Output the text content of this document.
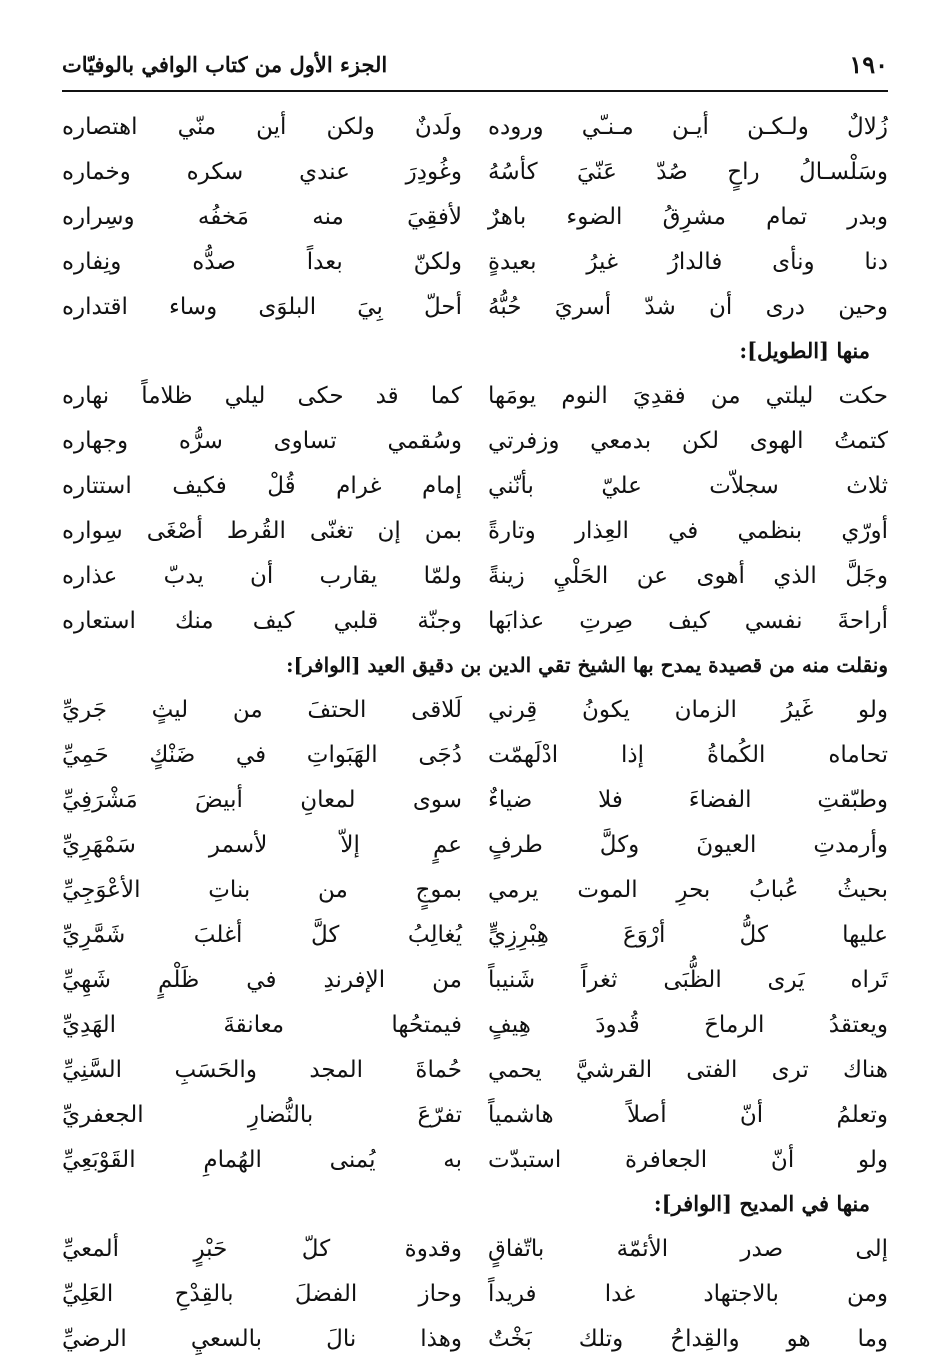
١٩٠
الجزء الأول من كتاب الوافي بالوفيّات
زُلالٌ ولـكـن أيـن مـنـّي وروده
ولَدنٌ ولكن أين منّي اهتصاره
وسَلْسـالُ راحٍ صُدّ عَنّيَ كأسُهُ
وغُودِرَ عندي سكره وخماره
وبدر تمام مشرِقُ الضوء باهرٌ
لأفقِيَ منه مَخفُه وسِراره
دنا ونأى فالدارُ غيرُ بعيدةٍ
ولكنّ بعداً صدُّه ونِفاره
وحين درى أن شدّ أسريَ حُبُّهُ
أحلّ بِيَ البلوَى وساء اقتداره
منها [الطويل]:
حكت ليلتي من فقدِيَ النوم يومَها
كما قد حكى ليلي ظلاماً نهاره
كتمتُ الهوى لكن بدمعي وزفرتي
وسُقمي تساوى سرُّه وجهاره
ثلاث سجلاّت عليّ بأنّني
إمام غرام قُلْ فكيف استتاره
أورّي بنظمي في العِذار وتارةً
بمن إن تغنّى القُرط أصْغَى سِواره
وجَلَّ الذي أهوى عن الحَلْيِ زينةً
ولمّا يقارب أن يدبّ عذاره
أراحةَ نفسي كيف صِرتِ عذابَها
وجنّة قلبي كيف منك استعاره
ونقلت منه من قصيدة يمدح بها الشيخ تقي الدين بن دقيق العيد [الوافر]:
ولو غَيرُ الزمان يكونُ قِرني
لَلاقى الحتفَ من ليثٍ جَريِّ
تحاماه الكُماةُ إذا ادْلَهمّت
دُجَى الهَبَواتِ في ضَنْكٍ حَمِيِّ
وطبّقتِ الفضاءَ فلا ضياءٌ
سوى لمعانِ أبيضَ مَشْرَفِيِّ
وأرمدتِ العيونَ وكلَّ طرفٍ
عمٍ إلاّ لأسمر سَمْهَرِيِّ
بحيثُ عُبابُ بحرِ الموت يرمي
بموجٍ من بناتِ الأعْوَجِيِّ
عليها كلُّ أرْوَعَ هِبْرِزِيٍّ
يُغالِبُ كلَّ أغلبَ شَمَّرِيِّ
تَراه يَرى الظُّبَى ثغراً شَنيباً
من الإفرندِ في ظَلْمٍ شَهِيِّ
ويعتقدُ الرماحَ قُدودَ هِيفٍ
فيمتحُها معانقةَ الهَدِيِّ
هناك ترى الفتى القرشيَّ يحمي
حُماةَ المجد والحَسَبِ السَّنِيِّ
وتعلمُ أنّ أصلاً هاشمياً
تفرّعَ بالنُّضارِ الجعفريِّ
ولو أنّ الجعافرة استبدّت
به يُمنى الهُمامِ القَوْبَعِيِّ
منها في المديح [الوافر]:
إلى صدر الأئمّة باتّفاقٍ
وقدوة كلّ حَبْرٍ ألمعيِّ
ومن بالاجتهاد غدا فريداً
وحاز الفضلَ بالقِدْحِ العَلِيِّ
وما هو والقِداحُ وتلك بَخْتٌ
وهذا نالَ بالسعيِ الرضيِّ
